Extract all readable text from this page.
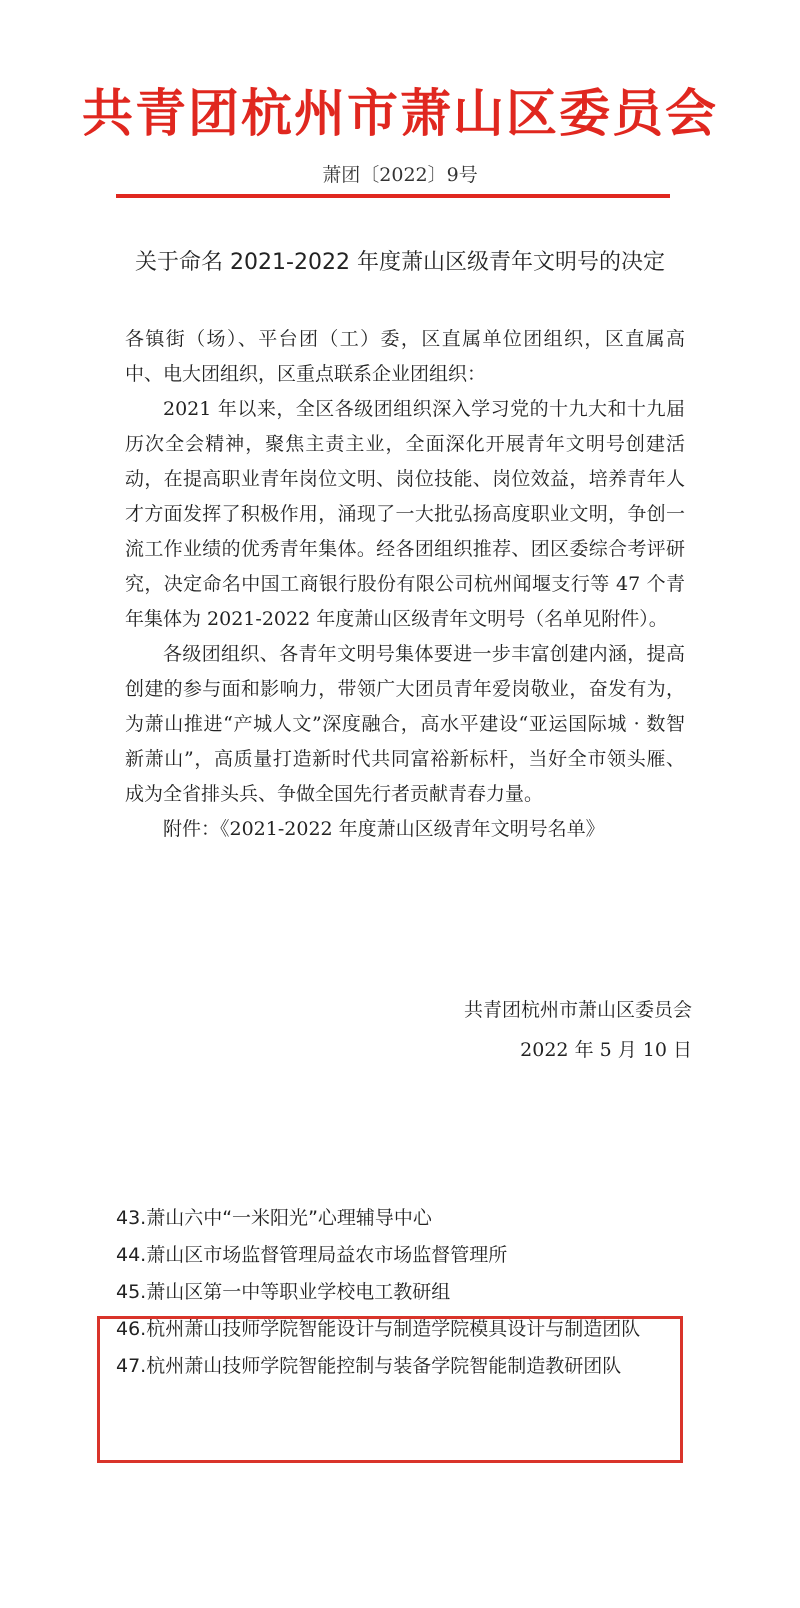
共青团杭州市萧山区委员会
萧团〔2022〕9号
关于命名 2021-2022 年度萧山区级青年文明号的决定

各镇街（场）、平台团（工）委，区直属单位团组织，区直属高中、电大团组织，区重点联系企业团组织：

2021 年以来，全区各级团组织深入学习党的十九大和十九届历次全会精神，聚焦主责主业，全面深化开展青年文明号创建活动，在提高职业青年岗位文明、岗位技能、岗位效益，培养青年人才方面发挥了积极作用，涌现了一大批弘扬高度职业文明，争创一流工作业绩的优秀青年集体。经各团组织推荐、团区委综合考评研究，决定命名中国工商银行股份有限公司杭州闻堰支行等 47 个青年集体为 2021-2022 年度萧山区级青年文明号（名单见附件）。

各级团组织、各青年文明号集体要进一步丰富创建内涵，提高创建的参与面和影响力，带领广大团员青年爱岗敬业，奋发有为，为萧山推进“产城人文”深度融合，高水平建设“亚运国际城 · 数智新萧山”，高质量打造新时代共同富裕新标杆，当好全市领头雁、成为全省排头兵、争做全国先行者贡献青春力量。

附件：《2021-2022 年度萧山区级青年文明号名单》

共青团杭州市萧山区委员会
2022 年 5 月 10 日
43. 萧山六中“一米阳光”心理辅导中心
44. 萧山区市场监督管理局益农市场监督管理所
45. 萧山区第一中等职业学校电工教研组
46. 杭州萧山技师学院智能设计与制造学院模具设计与制造团队
47. 杭州萧山技师学院智能控制与装备学院智能制造教研团队
